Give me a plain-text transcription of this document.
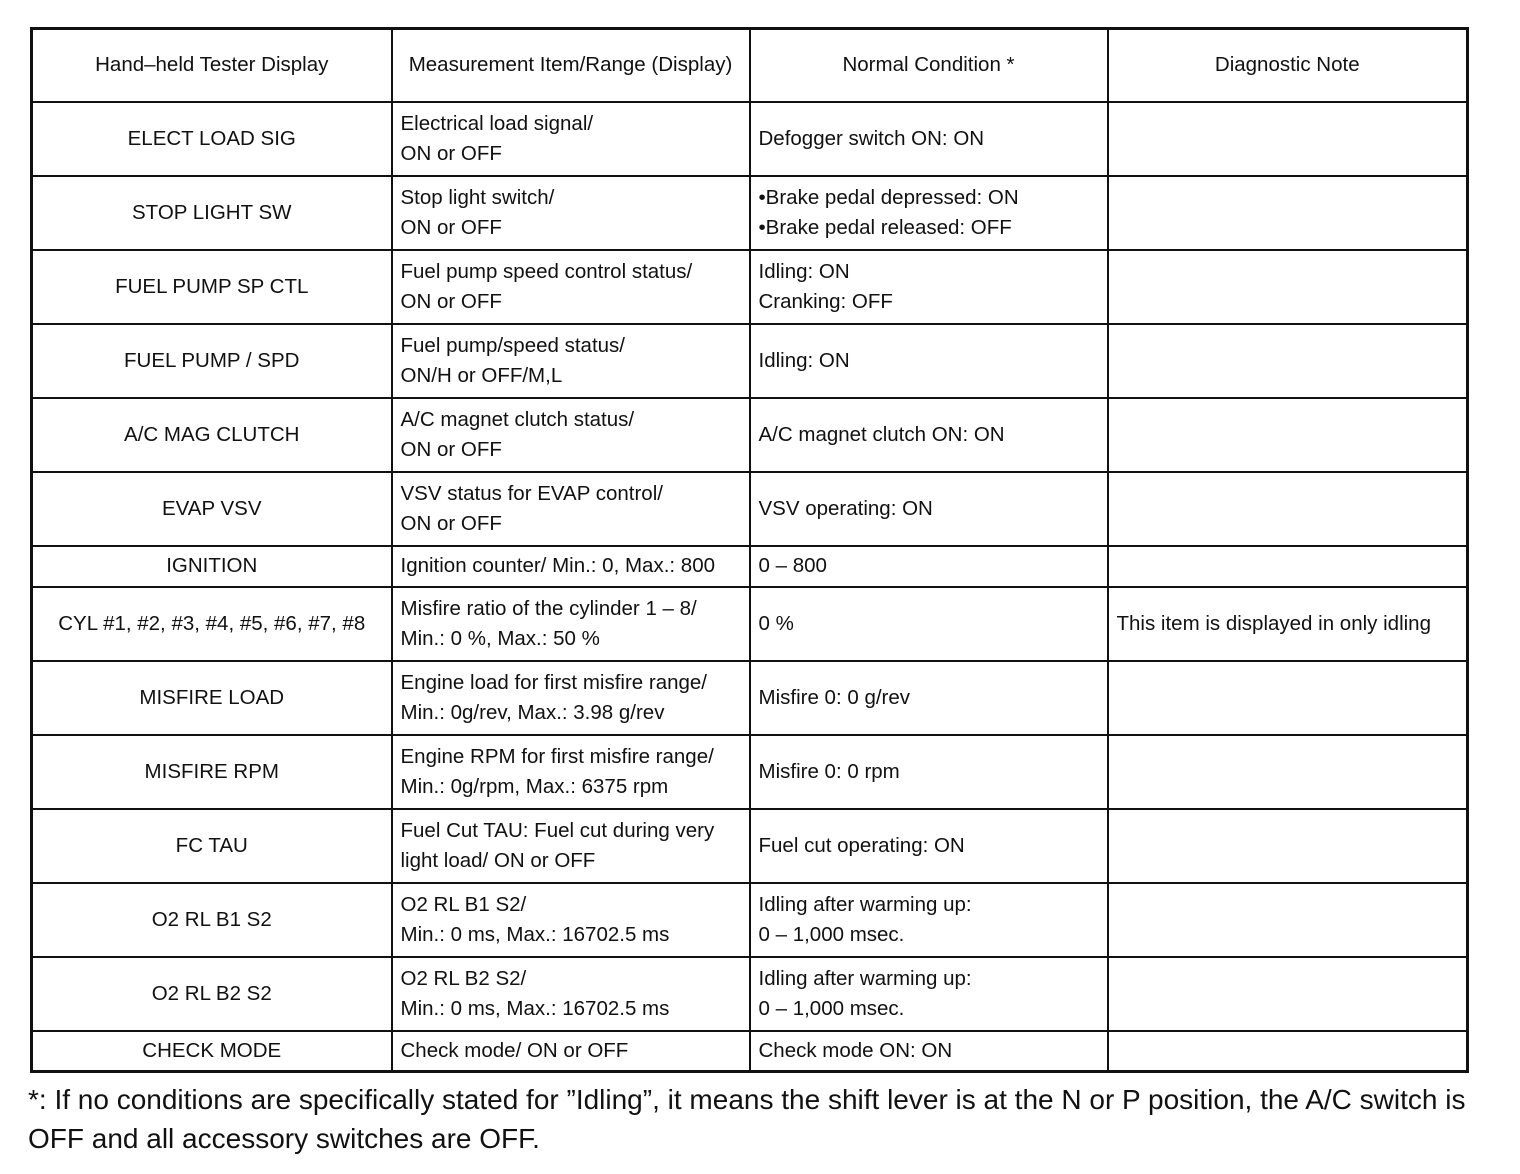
Hand–held Tester Display	Measurement Item/Range (Display)	Normal Condition *	Diagnostic Note
ELECT LOAD SIG	Electrical load signal/
ON or OFF	Defogger switch ON: ON	

STOP LIGHT SW	Stop light switch/
ON or OFF	•Brake pedal depressed: ON
•Brake pedal released: OFF	

FUEL PUMP SP CTL	Fuel pump speed control status/
ON or OFF	Idling: ON
Cranking: OFF	

FUEL PUMP / SPD	Fuel pump/speed status/
ON/H or OFF/M,L	Idling: ON	

A/C MAG CLUTCH	A/C magnet clutch status/
ON or OFF	A/C magnet clutch ON: ON	

EVAP VSV	VSV status for EVAP control/
ON or OFF	VSV operating: ON	

IGNITION	Ignition counter/ Min.: 0, Max.: 800	0 – 800	

CYL #1, #2, #3, #4, #5, #6, #7, #8	Misfire ratio of the cylinder 1 – 8/
Min.: 0 %, Max.: 50 %	0 %	This item is displayed in only idling
MISFIRE LOAD	Engine load for first misfire range/
Min.: 0g/rev, Max.: 3.98 g/rev	Misfire 0: 0 g/rev	

MISFIRE RPM	Engine RPM for first misfire range/
Min.: 0g/rpm, Max.: 6375 rpm	Misfire 0: 0 rpm	

FC TAU	Fuel Cut TAU: Fuel cut during very
light load/ ON or OFF	Fuel cut operating: ON	

O2 RL B1 S2	O2 RL B1 S2/
Min.: 0 ms, Max.: 16702.5 ms	Idling after warming up:
0 – 1,000 msec.	

O2 RL B2 S2	O2 RL B2 S2/
Min.: 0 ms, Max.: 16702.5 ms	Idling after warming up:
0 – 1,000 msec.	

CHECK MODE	Check mode/ ON or OFF	Check mode ON: ON	

*: If no conditions are specifically stated for ”Idling”, it means the shift lever is at the N or P position, the A/C switch is OFF and all accessory switches are OFF.
